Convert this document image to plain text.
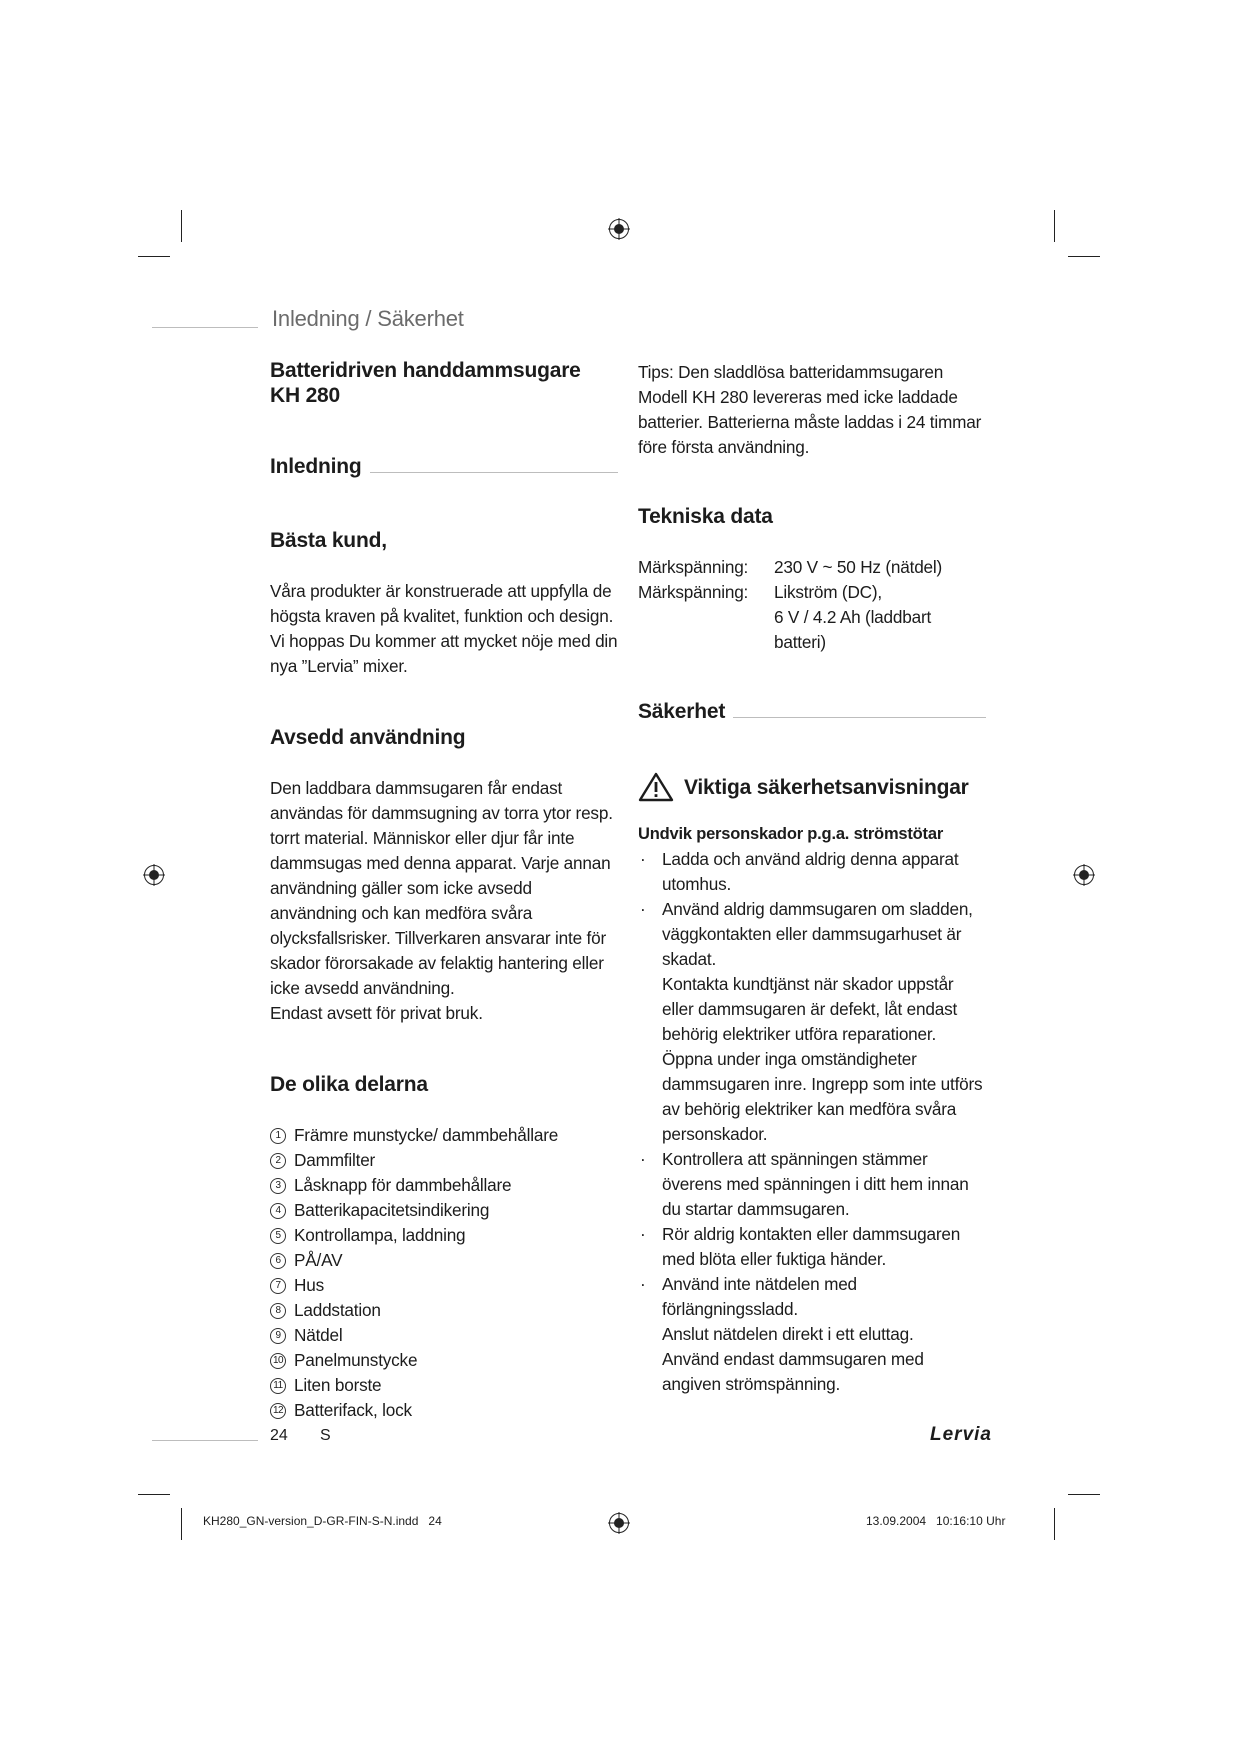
Inledning / Säkerhet
Batteridriven handdammsugare
KH 280
Inledning
Bästa kund,

Våra produkter är konstruerade att uppfylla de högsta kraven på kvalitet, funktion och design. Vi hoppas Du kommer att mycket nöje med din nya ”Lervia” mixer.

Avsedd användning

Den laddbara dammsugaren får endast användas för dammsugning av torra ytor resp. torrt material. Människor eller djur får inte dammsugas med denna apparat. Varje annan användning gäller som icke avsedd användning och kan medföra svåra olycksfallsrisker. Tillverkaren ansvarar inte för skador förorsakade av felaktig hantering eller icke avsedd användning.

Endast avsett för privat bruk.

De olika delarna
1 Främre munstycke/ dammbehållare
2 Dammfilter
3 Låsknapp för dammbehållare
4 Batterikapacitetsindikering
5 Kontrollampa, laddning
6 PÅ/AV
7 Hus
8 Laddstation
9 Nätdel
10 Panelmunstycke
11 Liten borste
12 Batterifack, lock

Tips: Den sladdlösa batteridammsugaren Modell KH 280 levereras med icke laddade batterier. Batterierna måste laddas i 24 timmar före första användning.

Tekniska data
Märkspänning:	230 V ~ 50 Hz (nätdel)
Märkspänning:	Likström (DC),
6 V / 4.2 Ah (laddbart batteri)
Säkerhet
Viktiga säkerhetsanvisningar

Undvik personskador p.g.a. strömstötar

· Ladda och använd aldrig denna apparat utomhus.
· Använd aldrig dammsugaren om sladden, väggkontakten eller dammsugarhuset är skadat.
Kontakta kundtjänst när skador uppstår eller dammsugaren är defekt, låt endast behörig elektriker utföra reparationer.
Öppna under inga omständigheter dammsugaren inre. Ingrepp som inte utförs av behörig elektriker kan medföra svåra personskador.
· Kontrollera att spänningen stämmer överens med spänningen i ditt hem innan du startar dammsugaren.
· Rör aldrig kontakten eller dammsugaren med blöta eller fuktiga händer.
· Använd inte nätdelen med förlängningssladd.
Anslut nätdelen direkt i ett eluttag.
Använd endast dammsugaren med angiven strömspänning.
24 S	Lervia
KH280_GN-version_D-GR-FIN-S-N.indd   24	13.09.2004   10:16:10 Uhr
